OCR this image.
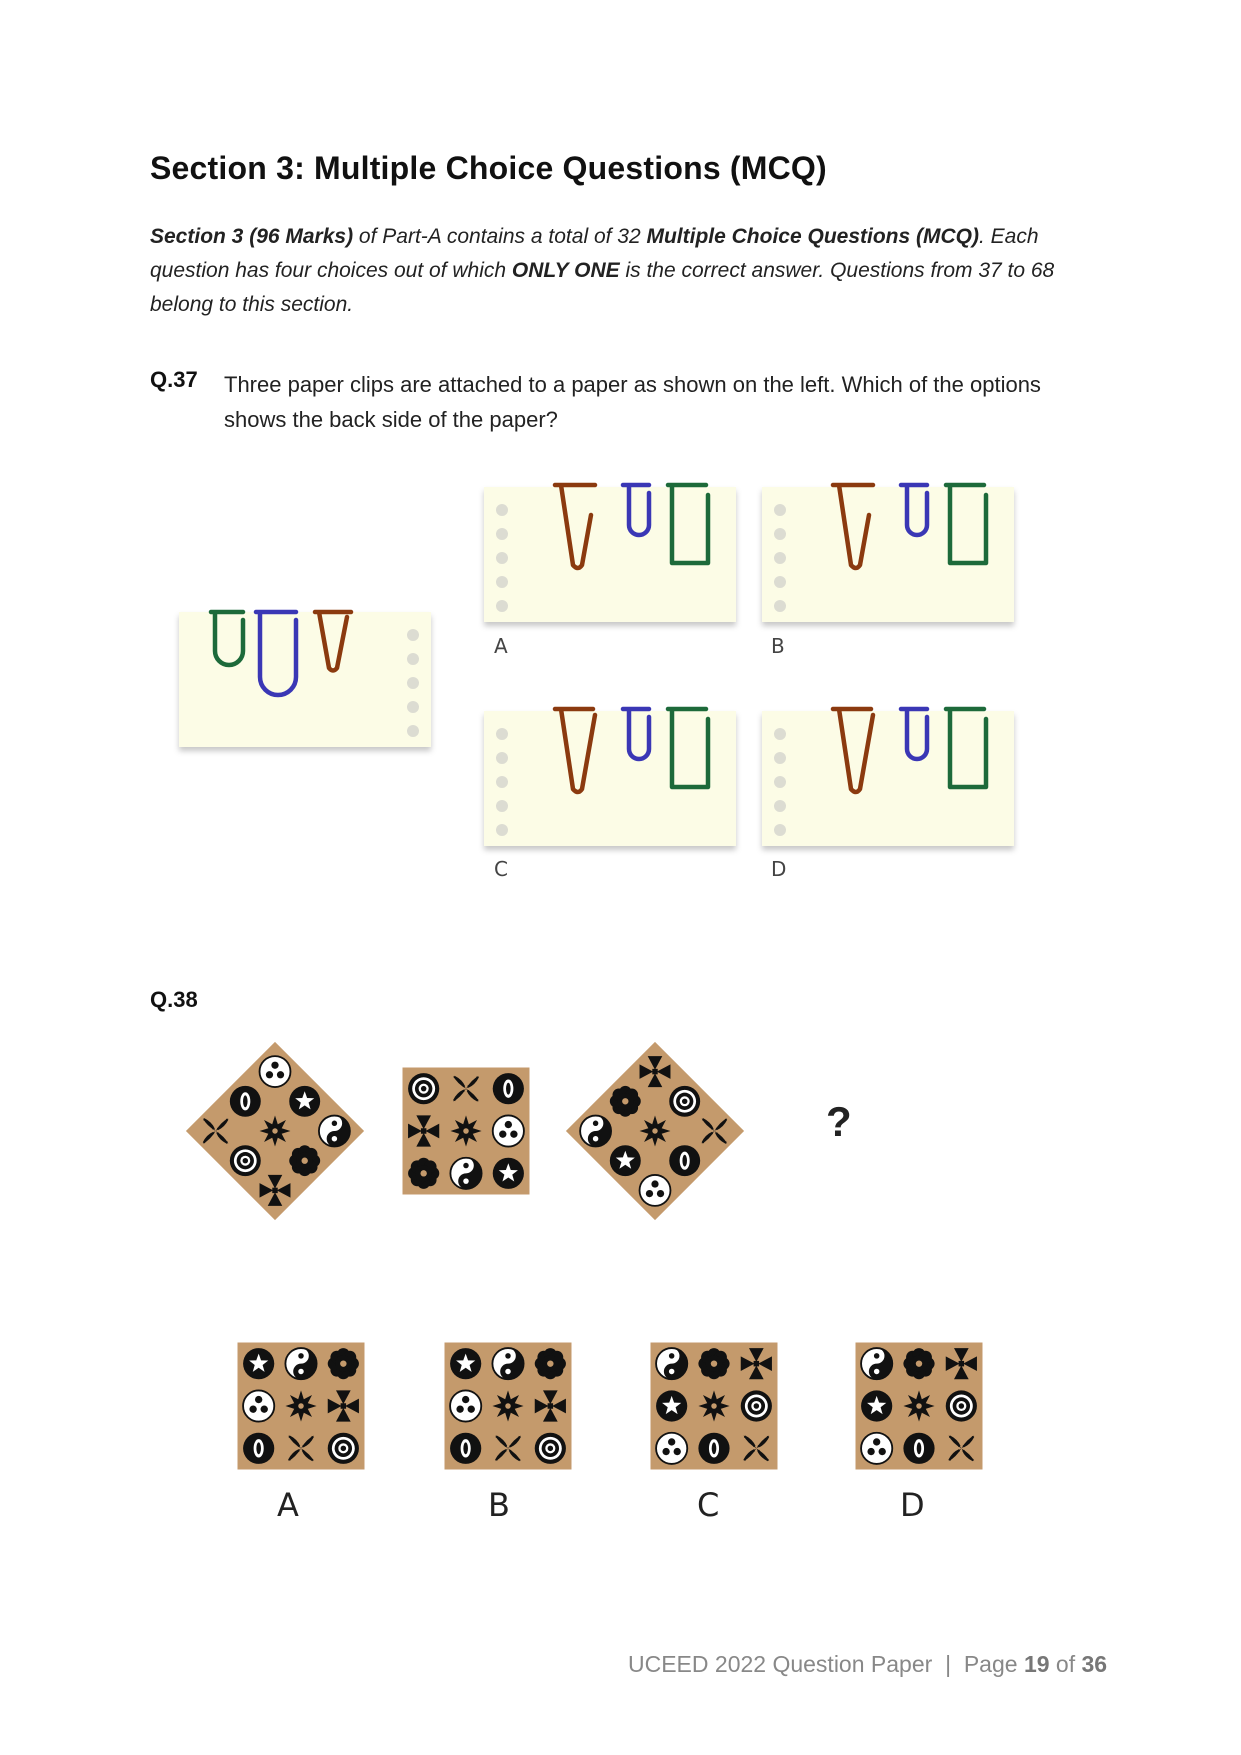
Section 3: Multiple Choice Questions (MCQ)
Section 3 (96 Marks) of Part-A contains a total of 32 Multiple Choice Questions (MCQ). Each question has four choices out of which ONLY ONE is the correct answer. Questions from 37 to 68 belong to this section.
Q.37 Three paper clips are attached to a paper as shown on the left. Which of the options shows the back side of the paper?
A	B
C	D
Q.38
?
A	B	C	D
UCEED 2022 Question Paper | Page 19 of 36
